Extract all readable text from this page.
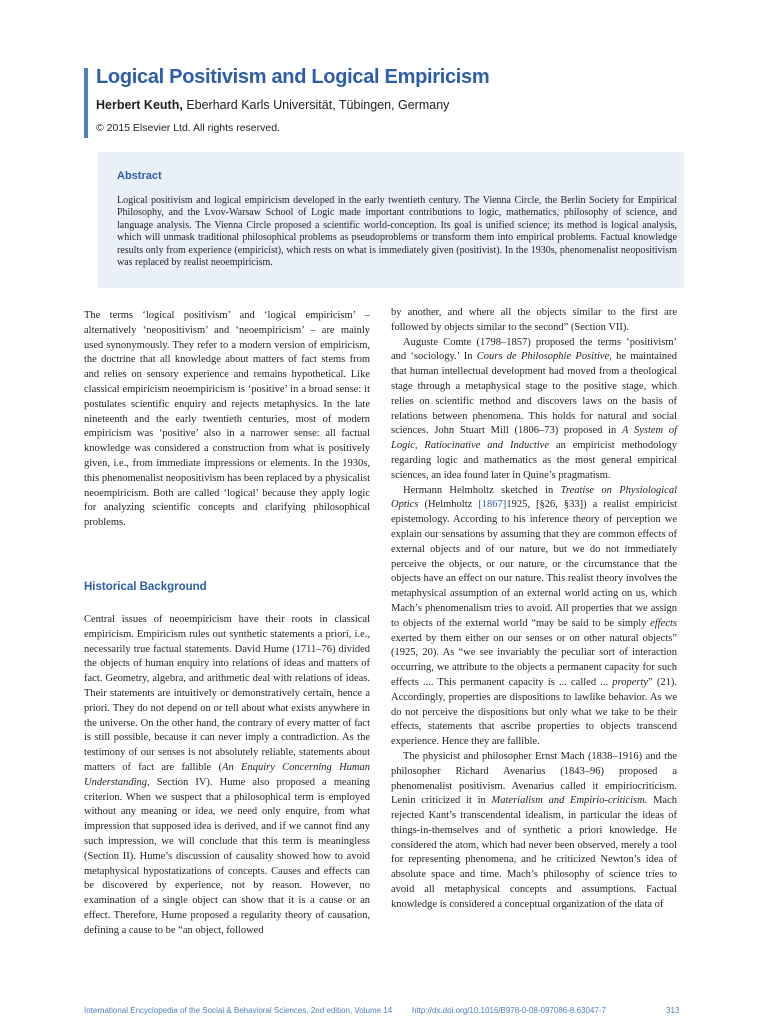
Logical Positivism and Logical Empiricism
Herbert Keuth, Eberhard Karls Universität, Tübingen, Germany
© 2015 Elsevier Ltd. All rights reserved.
Abstract
Logical positivism and logical empiricism developed in the early twentieth century. The Vienna Circle, the Berlin Society for Empirical Philosophy, and the Lvov-Warsaw School of Logic made important contributions to logic, mathematics, philosophy of science, and language analysis. The Vienna Circle proposed a scientific world-conception. Its goal is unified science; its method is logical analysis, which will unmask traditional philosophical problems as pseudoproblems or transform them into empirical problems. Factual knowledge results only from experience (empiricist), which rests on what is immediately given (positivist). In the 1930s, phenomenalist neopositivism was replaced by realist neoempiricism.

The terms ‘logical positivism’ and ‘logical empiricism’ – alternatively ‘neopositivism’ and ‘neoempiricism’ – are mainly used synonymously. They refer to a modern version of empiricism, the doctrine that all knowledge about matters of fact stems from and relies on sensory experience and remains hypothetical. Like classical empiricism neoempiricism is ‘positive’ in a broad sense: it postulates scientific enquiry and rejects metaphysics. In the late nineteenth and the early twentieth centuries, most of modern empiricism was ‘positive’ also in a narrower sense: all factual knowledge was considered a construction from what is positively given, i.e., from immediate impressions or elements. In the 1930s, this phenomenalist neopositivism has been replaced by a physicalist neoempiricism. Both are called ‘logical’ because they apply logic for analyzing scientific concepts and clarifying philosophical problems.

Historical Background

Central issues of neoempiricism have their roots in classical empiricism. Empiricism rules out synthetic statements a priori, i.e., necessarily true factual statements. David Hume (1711–76) divided the objects of human enquiry into relations of ideas and matters of fact. Geometry, algebra, and arithmetic deal with relations of ideas. Their statements are intuitively or demonstratively certain, hence a priori. They do not depend on or tell about what exists anywhere in the universe. On the other hand, the contrary of every matter of fact is still possible, because it can never imply a contradiction. As the testimony of our senses is not absolutely reliable, statements about matters of fact are fallible (An Enquiry Concerning Human Understanding, Section IV). Hume also proposed a meaning criterion. When we suspect that a philosophical term is employed without any meaning or idea, we need only enquire, from what impression that supposed idea is derived, and if we cannot find any such impression, we will conclude that this term is meaningless (Section II). Hume’s discussion of causality showed how to avoid metaphysical hypostatizations of concepts. Causes and effects can be discovered by experience, not by reason. However, no examination of a single object can show that it is a cause or an effect. Therefore, Hume proposed a regularity theory of causation, defining a cause to be “an object, followed

by another, and where all the objects similar to the first are followed by objects similar to the second” (Section VII).

Auguste Comte (1798–1857) proposed the terms ‘positivism’ and ‘sociology.’ In Cours de Philosophie Positive, he maintained that human intellectual development had moved from a theological stage through a metaphysical stage to the positive stage, which relies on scientific method and discovers laws on the basis of relations between phenomena. This holds for natural and social sciences. John Stuart Mill (1806–73) proposed in A System of Logic, Ratiocinative and Inductive an empiricist methodology regarding logic and mathematics as the most general empirical sciences, an idea found later in Quine’s pragmatism.

Hermann Helmholtz sketched in Treatise on Physiological Optics (Helmholtz [1867]1925, [§26, §33]) a realist empiricist epistemology. According to his inference theory of perception we explain our sensations by assuming that they are common effects of external objects and of our nature, but we do not immediately perceive the objects, or our nature, or the circumstance that the objects have an effect on our nature. This realist theory involves the metaphysical assumption of an external world acting on us, which Mach’s phenomenalism tries to avoid. All properties that we assign to objects of the external world “may be said to be simply effects exerted by them either on our senses or on other natural objects” (1925, 20). As “we see invariably the peculiar sort of interaction occurring, we attribute to the objects a permanent capacity for such effects .... This permanent capacity is ... called ... property” (21). Accordingly, properties are dispositions to lawlike behavior. As we do not perceive the dispositions but only what we take to be their effects, statements that ascribe properties to objects transcend experience. Hence they are fallible.

The physicist and philosopher Ernst Mach (1838–1916) and the philosopher Richard Avenarius (1843–96) proposed a phenomenalist positivism. Avenarius called it empiriocriticism. Lenin criticized it in Materialism and Empirio-criticism. Mach rejected Kant’s transcendental idealism, in particular the ideas of things-in-themselves and of synthetic a priori knowledge. He considered the atom, which had never been observed, merely a tool for representing phenomena, and he criticized Newton’s idea of absolute space and time. Mach’s philosophy of science tries to avoid all metaphysical concepts and assumptions. Factual knowledge is considered a conceptual organization of the data of

International Encyclopedia of the Social & Behavioral Sciences, 2nd edition, Volume 14 http://dx.doi.org/10.1016/B978-0-08-097086-8.63047-7	313
